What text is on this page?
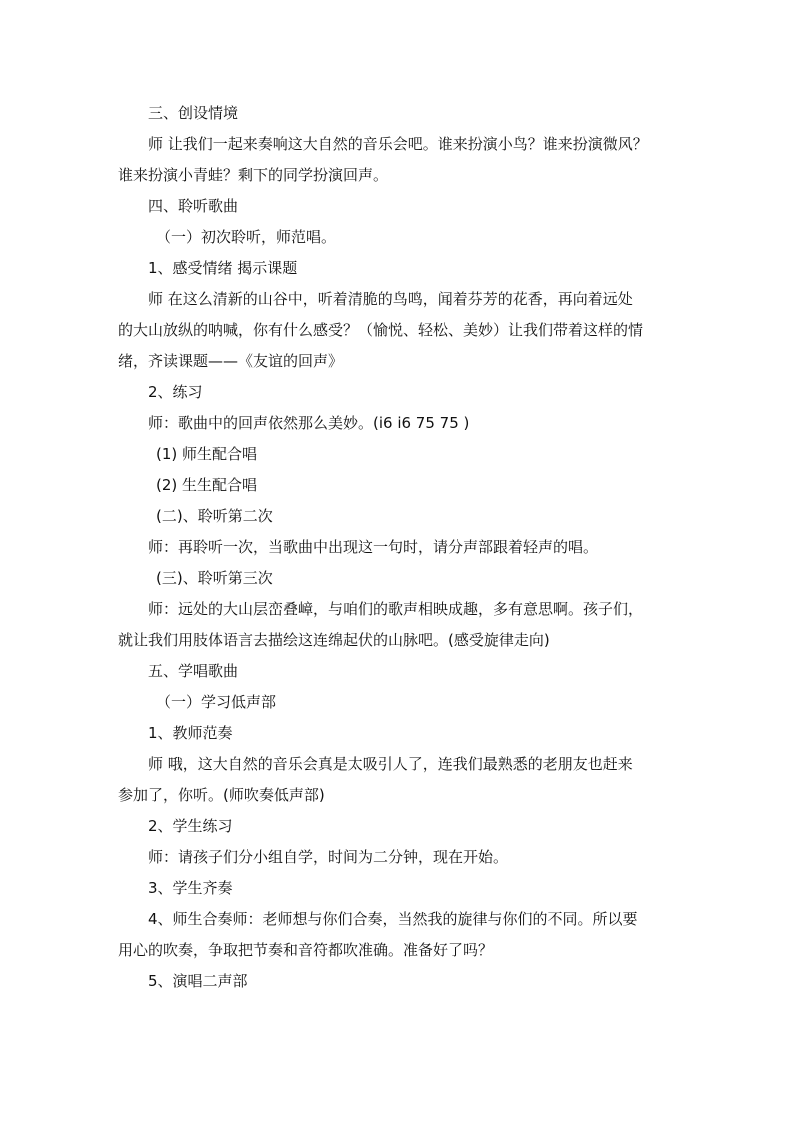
三、创设情境

师 让我们一起来奏响这大自然的音乐会吧。谁来扮演小鸟？谁来扮演微风？

谁来扮演小青蛙？剩下的同学扮演回声。

四、聆听歌曲

（一）初次聆听，师范唱。

1、感受情绪 揭示课题

师 在这么清新的山谷中，听着清脆的鸟鸣，闻着芬芳的花香，再向着远处

的大山放纵的呐喊，你有什么感受？（愉悦、轻松、美妙）让我们带着这样的情

绪，齐读课题——《友谊的回声》

2、练习

师：歌曲中的回声依然那么美妙。(i6 i6 75 75 )

(1) 师生配合唱

(2) 生生配合唱

(二)、聆听第二次

师：再聆听一次，当歌曲中出现这一句时，请分声部跟着轻声的唱。

(三)、聆听第三次

师：远处的大山层峦叠嶂，与咱们的歌声相映成趣，多有意思啊。孩子们，

就让我们用肢体语言去描绘这连绵起伏的山脉吧。(感受旋律走向)

五、学唱歌曲

（一）学习低声部

1、教师范奏

师 哦，这大自然的音乐会真是太吸引人了，连我们最熟悉的老朋友也赶来

参加了，你听。(师吹奏低声部)

2、学生练习

师：请孩子们分小组自学，时间为二分钟，现在开始。

3、学生齐奏

4、师生合奏师：老师想与你们合奏，当然我的旋律与你们的不同。所以要

用心的吹奏，争取把节奏和音符都吹准确。准备好了吗？

5、演唱二声部
